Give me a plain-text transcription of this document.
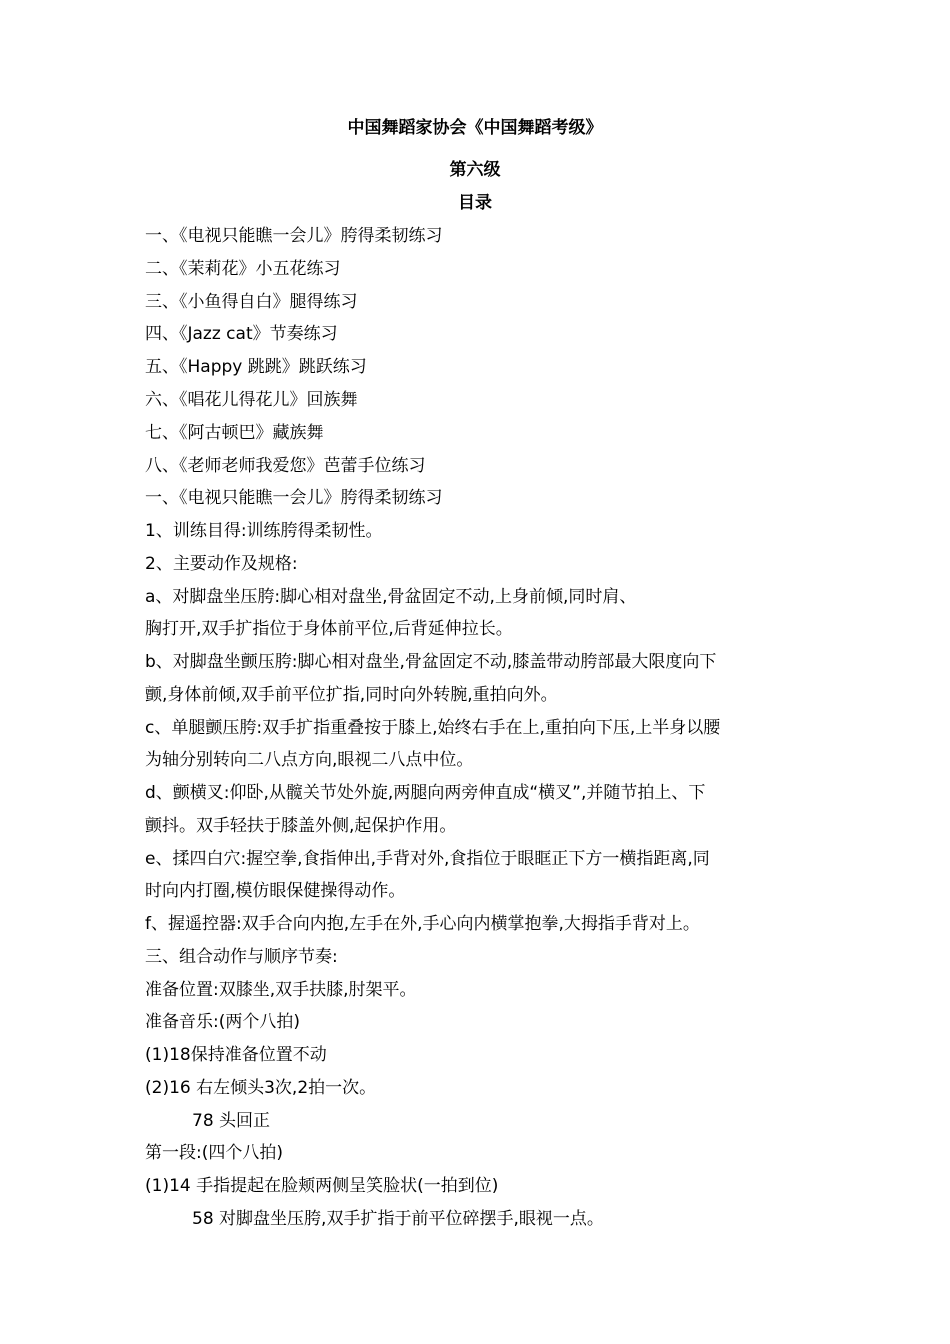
中国舞蹈家协会《中国舞蹈考级》
第六级
目录
一、《电视只能瞧一会儿》胯得柔韧练习
二、《茉莉花》小五花练习
三、《小鱼得自白》腿得练习
四、《Jazz cat》节奏练习
五、《Happy 跳跳》跳跃练习
六、《唱花儿得花儿》回族舞
七、《阿古顿巴》藏族舞
八、《老师老师我爱您》芭蕾手位练习
一、《电视只能瞧一会儿》胯得柔韧练习
1、训练目得:训练胯得柔韧性。
2、主要动作及规格:
a、对脚盘坐压胯:脚心相对盘坐,骨盆固定不动,上身前倾,同时肩、
胸打开,双手扩指位于身体前平位,后背延伸拉长。
b、对脚盘坐颤压胯:脚心相对盘坐,骨盆固定不动,膝盖带动胯部最大限度向下
颤,身体前倾,双手前平位扩指,同时向外转腕,重拍向外。
c、单腿颤压胯:双手扩指重叠按于膝上,始终右手在上,重拍向下压,上半身以腰
为轴分别转向二八点方向,眼视二八点中位。
d、颤横叉:仰卧,从髋关节处外旋,两腿向两旁伸直成“横叉”,并随节拍上、下
颤抖。双手轻扶于膝盖外侧,起保护作用。
e、揉四白穴:握空拳,食指伸出,手背对外,食指位于眼眶正下方一横指距离,同
时向内打圈,模仿眼保健操得动作。
f、握遥控器:双手合向内抱,左手在外,手心向内横掌抱拳,大拇指手背对上。
三、组合动作与顺序节奏:
准备位置:双膝坐,双手扶膝,肘架平。
准备音乐:(两个八拍)
(1)18保持准备位置不动
(2)16 右左倾头3次,2拍一次。
78 头回正
第一段:(四个八拍)
(1)14 手指提起在脸颊两侧呈笑脸状(一拍到位)
58 对脚盘坐压胯,双手扩指于前平位碎摆手,眼视一点。
